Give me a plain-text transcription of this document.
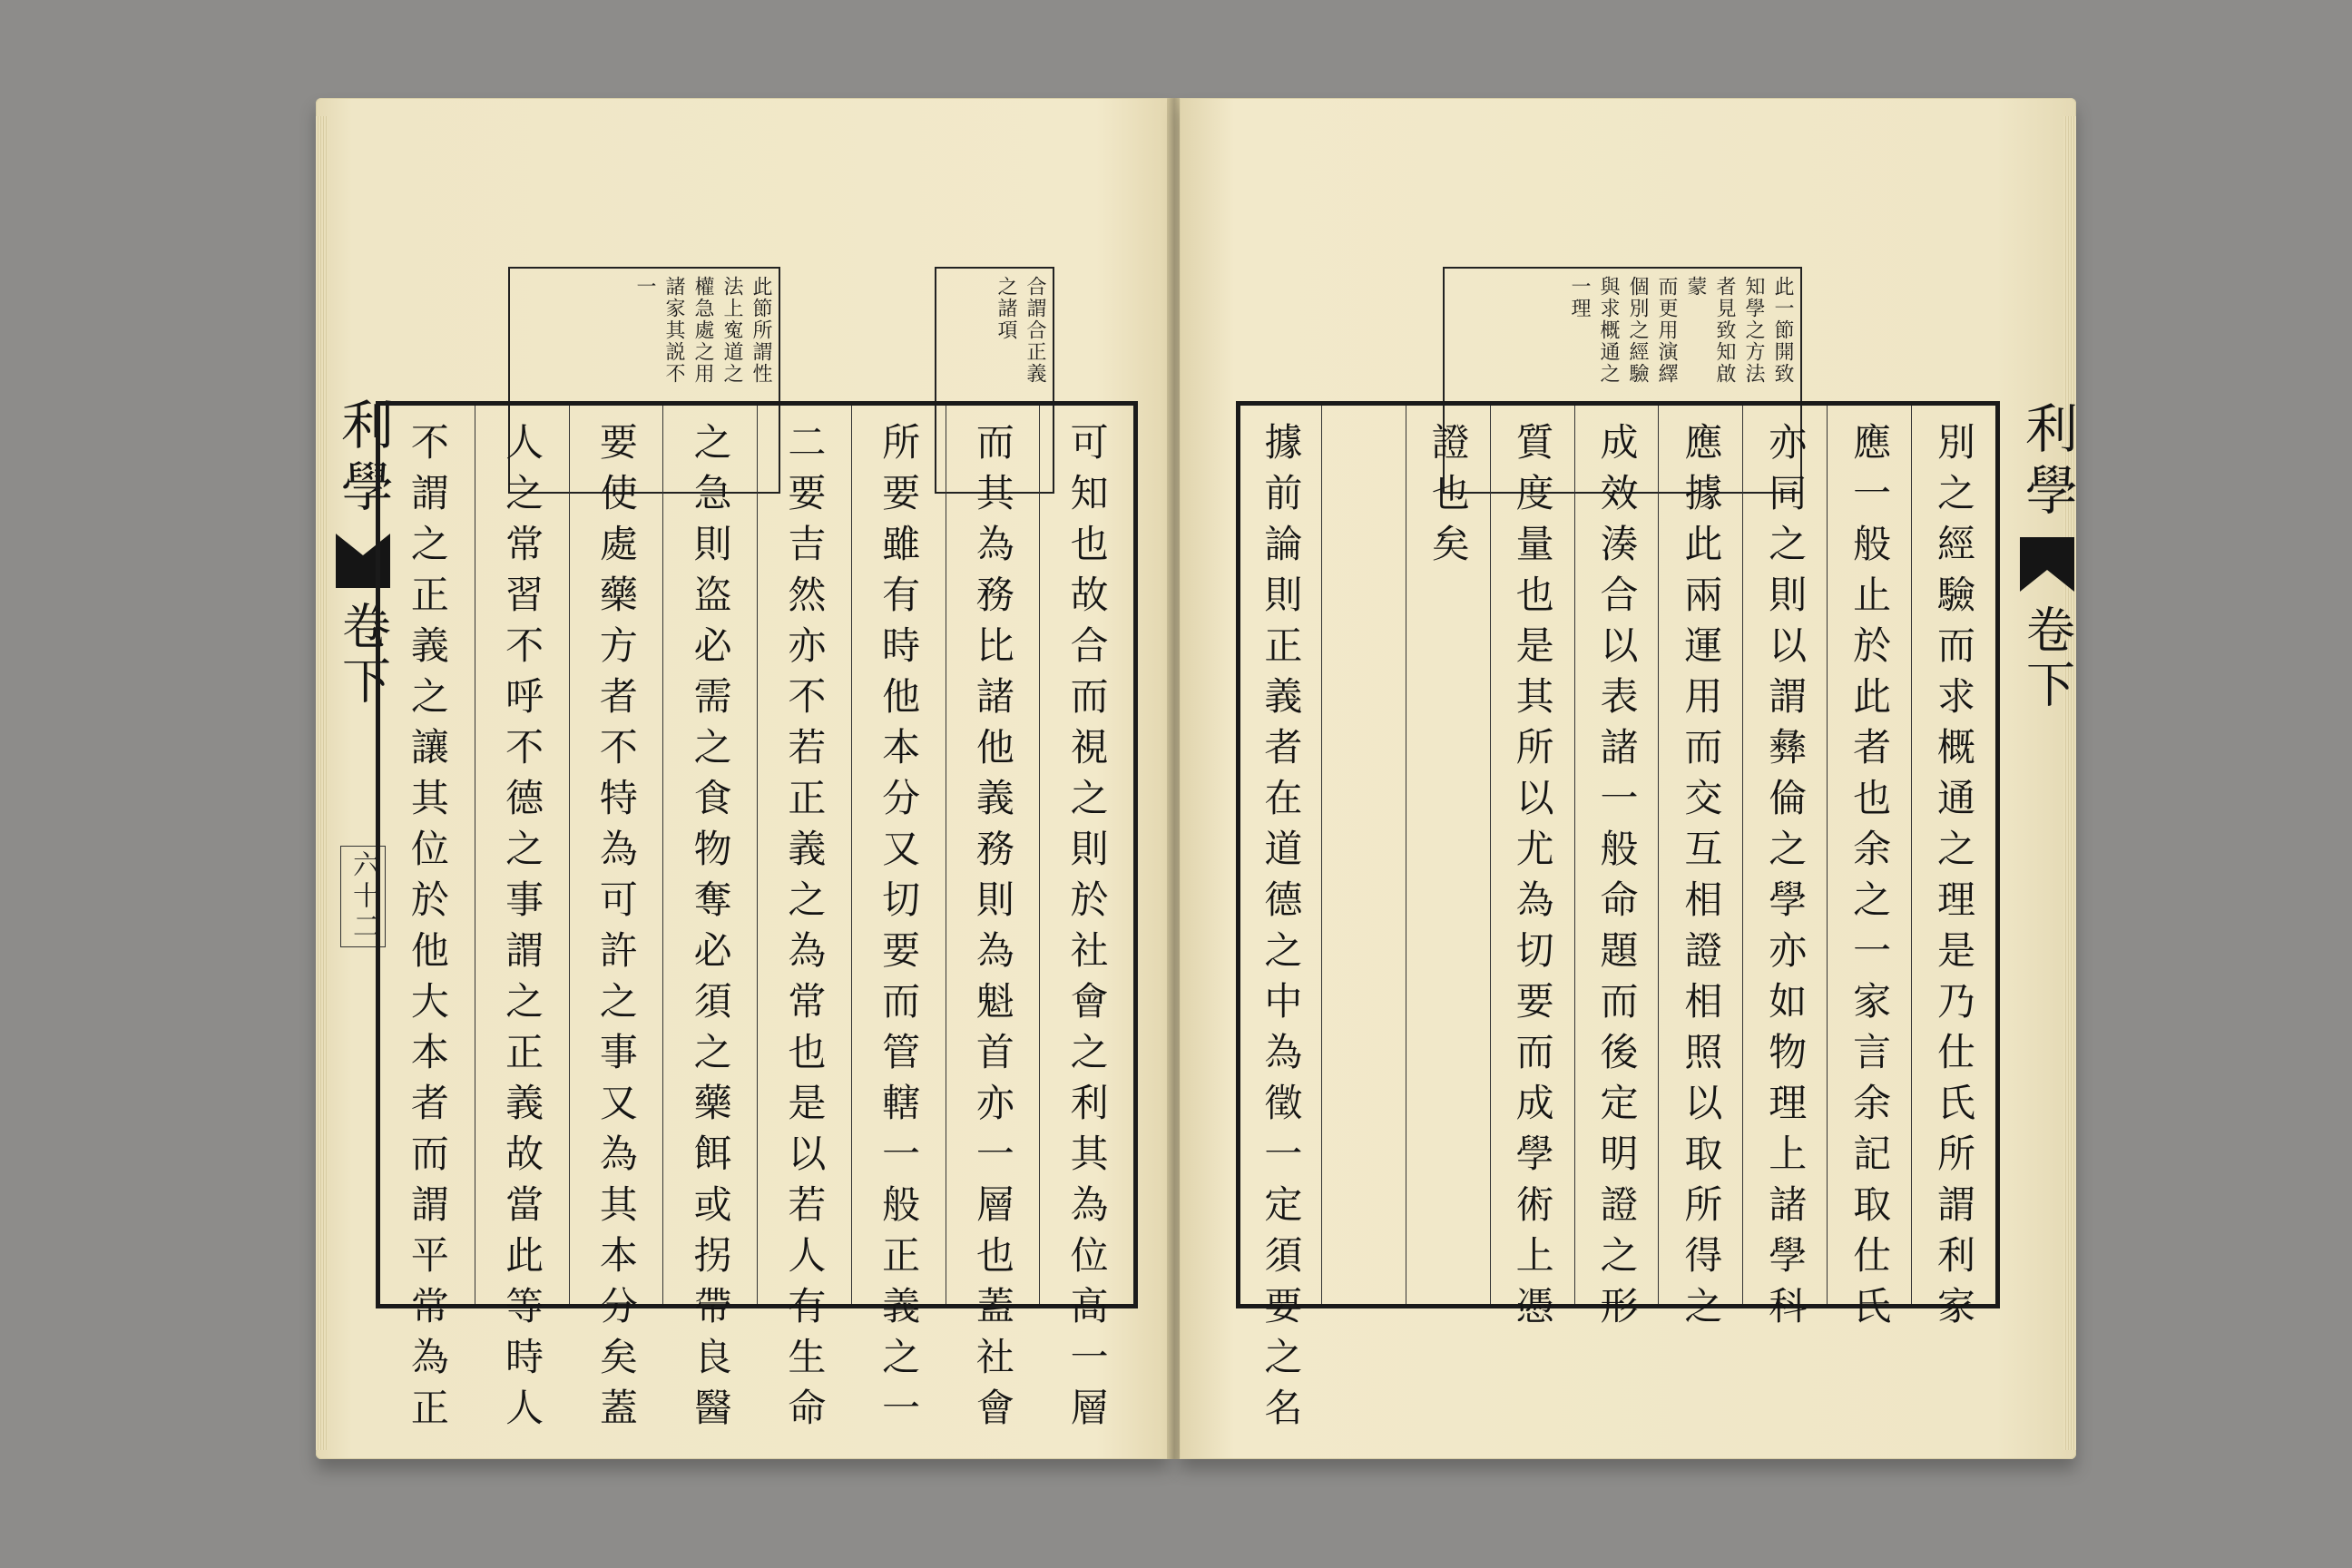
合謂合正義
之諸項
此節所謂性
法上寃道之
權急處之用
諸家其説不
一
利學
卷下
六十二	可知也故合而視之則於社會之利其為位高一層
而其為務比諸他義務則為魁首亦一層也蓋社會
所要雖有時他本分又切要而管轄一般正義之一
二要吉然亦不若正義之為常也是以若人有生命
之急則盗必需之食物奪必須之藥餌或拐帶良醫
要使處藥方者不特為可許之事又為其本分矣蓋
人之常習不呼不德之事謂之正義故當此等時人
不謂之正義之讓其位於他大本者而謂平常為正
此一節開致
知學之方法
者見致知啟
蒙
而更用演繹
個別之經驗
與求概通之
一理
別之經驗而求概通之理是乃仕氏所謂利家
應一般止於此者也余之一家言余記取仕氏
亦同之則以謂彝倫之學亦如物理上諸學科
應據此兩運用而交互相證相照以取所得之
成效湊合以表諸一般命題而後定明證之形
質度量也是其所以尤為切要而成學術上憑
證也矣
據前論則正義者在道德之中為徵一定須要之名	利學
卷下
